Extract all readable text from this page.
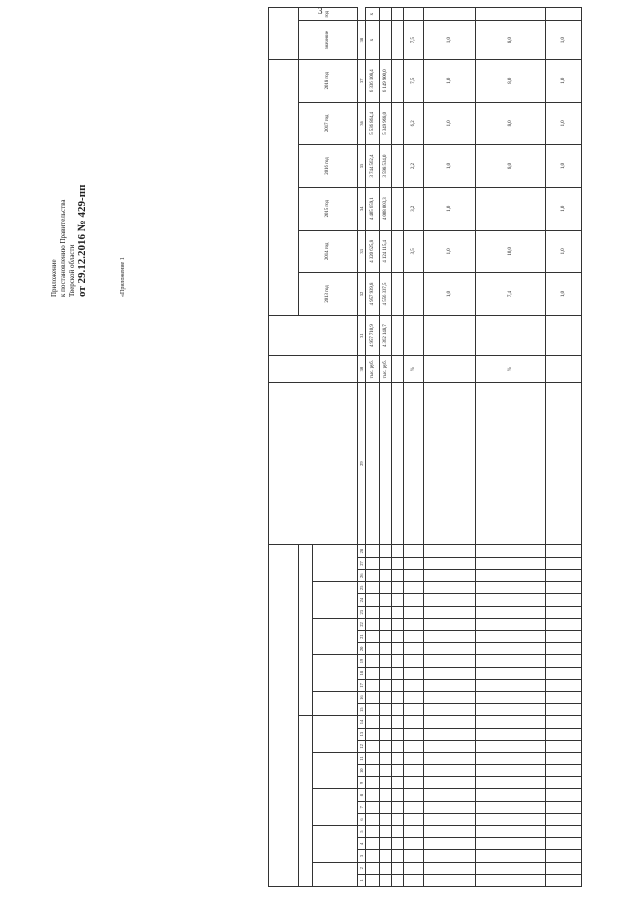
3
Приложение к постановлению Правительства Тверской области от 29.12.2016 № 429-пп	«Приложение 1

																															2013 год	2014 год	2015 год	2016 год	2017 год	2018 год	значение	год

1	2	3	4	5	6	7	8	9	10	11	12	13	14	15	16	17	18	19	20	21	22	23	24	25	26	27	28	29	30	31	32	33	34	35	36	37	38	
																													тыс. руб.	4 957 710,9	4 957 939,8	4 320 625,8	4 405 659,1	3 744 562,4	5 536 864,4	6 336 108,4	х	х
																													тыс. руб.	4 362 148,7	4 556 337,5	4 124 115,4	4 008 003,3	3 598 534,0	5 349 968,0	6 149 900,0		

																													%			3,5	3,2	2,2	6,2	7,5	7,5	
																															1,0	1,0	1,0	1,0	1,0	1,0	1,0	
																													%		7,4	10,0		8,0	8,0	8,0	8,0	
																															1,0	1,0	1,0	1,0	1,0	1,0	1,0	
